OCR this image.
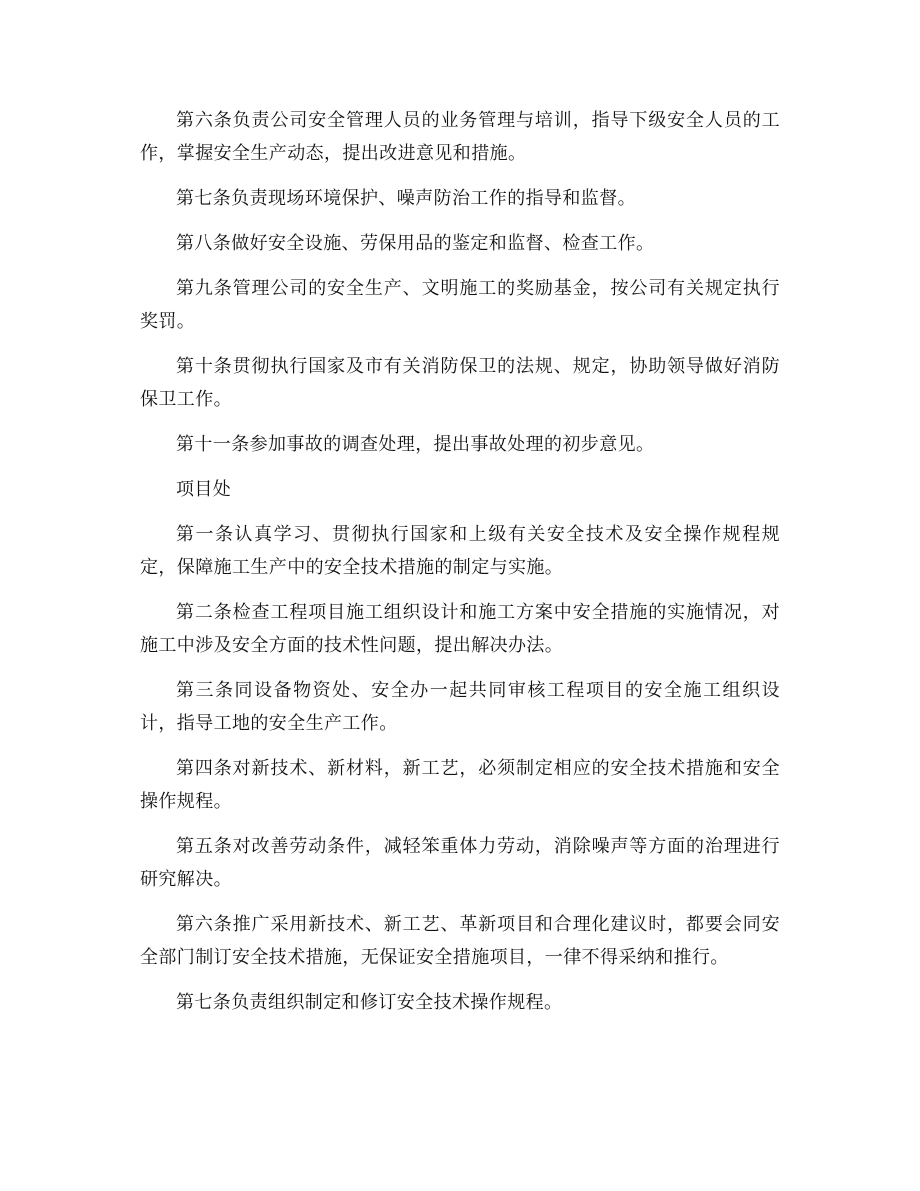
第六条负责公司安全管理人员的业务管理与培训，指导下级安全人员的工作，掌握安全生产动态，提出改进意见和措施。

第七条负责现场环境保护、噪声防治工作的指导和监督。

第八条做好安全设施、劳保用品的鉴定和监督、检查工作。

第九条管理公司的安全生产、文明施工的奖励基金，按公司有关规定执行奖罚。

第十条贯彻执行国家及市有关消防保卫的法规、规定，协助领导做好消防保卫工作。

第十一条参加事故的调查处理，提出事故处理的初步意见。

项目处

第一条认真学习、贯彻执行国家和上级有关安全技术及安全操作规程规定，保障施工生产中的安全技术措施的制定与实施。

第二条检查工程项目施工组织设计和施工方案中安全措施的实施情况，对施工中涉及安全方面的技术性问题，提出解决办法。

第三条同设备物资处、安全办一起共同审核工程项目的安全施工组织设计，指导工地的安全生产工作。

第四条对新技术、新材料，新工艺，必须制定相应的安全技术措施和安全操作规程。

第五条对改善劳动条件，减轻笨重体力劳动，消除噪声等方面的治理进行研究解决。

第六条推广采用新技术、新工艺、革新项目和合理化建议时，都要会同安全部门制订安全技术措施，无保证安全措施项目，一律不得采纳和推行。

第七条负责组织制定和修订安全技术操作规程。
